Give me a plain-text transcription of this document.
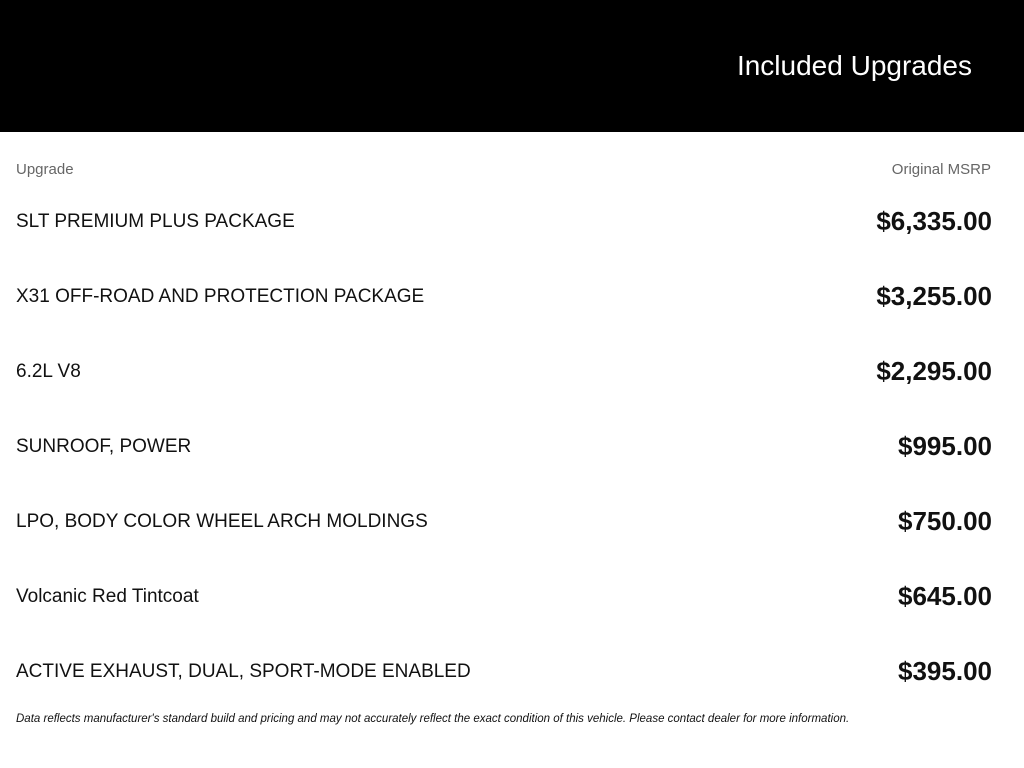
Included Upgrades
Upgrade	Original MSRP
SLT PREMIUM PLUS PACKAGE	$6,335.00
X31 OFF-ROAD AND PROTECTION PACKAGE	$3,255.00
6.2L V8	$2,295.00
SUNROOF, POWER	$995.00
LPO, BODY COLOR WHEEL ARCH MOLDINGS	$750.00
Volcanic Red Tintcoat	$645.00
ACTIVE EXHAUST, DUAL, SPORT-MODE ENABLED	$395.00
Data reflects manufacturer's standard build and pricing and may not accurately reflect the exact condition of this vehicle. Please contact dealer for more information.
